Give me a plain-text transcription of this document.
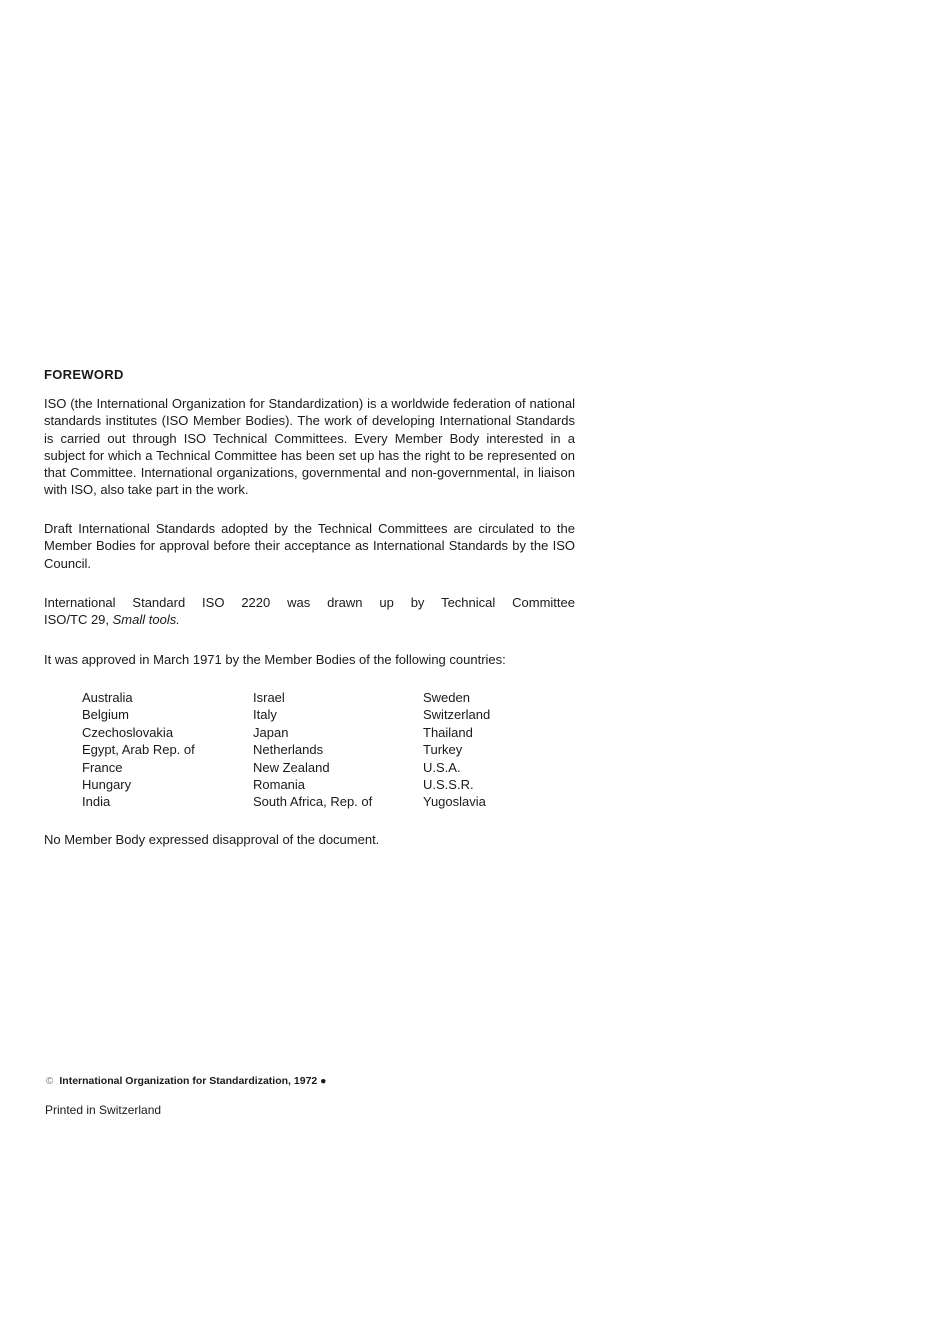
FOREWORD
ISO (the International Organization for Standardization) is a worldwide federation of national standards institutes (ISO Member Bodies). The work of developing International Standards is carried out through ISO Technical Committees. Every Member Body interested in a subject for which a Technical Committee has been set up has the right to be represented on that Committee. International organizations, governmental and non-governmental, in liaison with ISO, also take part in the work.
Draft International Standards adopted by the Technical Committees are circulated to the Member Bodies for approval before their acceptance as International Standards by the ISO Council.
International Standard ISO 2220 was drawn up by Technical Committee
ISO/TC 29, Small tools.
It was approved in March 1971 by the Member Bodies of the following countries:
Australia
Belgium
Czechoslovakia
Egypt, Arab Rep. of
France
Hungary
India
Israel
Italy
Japan
Netherlands
New Zealand
Romania
South Africa, Rep. of
Sweden
Switzerland
Thailand
Turkey
U.S.A.
U.S.S.R.
Yugoslavia
No Member Body expressed disapproval of the document.
© International Organization for Standardization, 1972 ●
Printed in Switzerland
